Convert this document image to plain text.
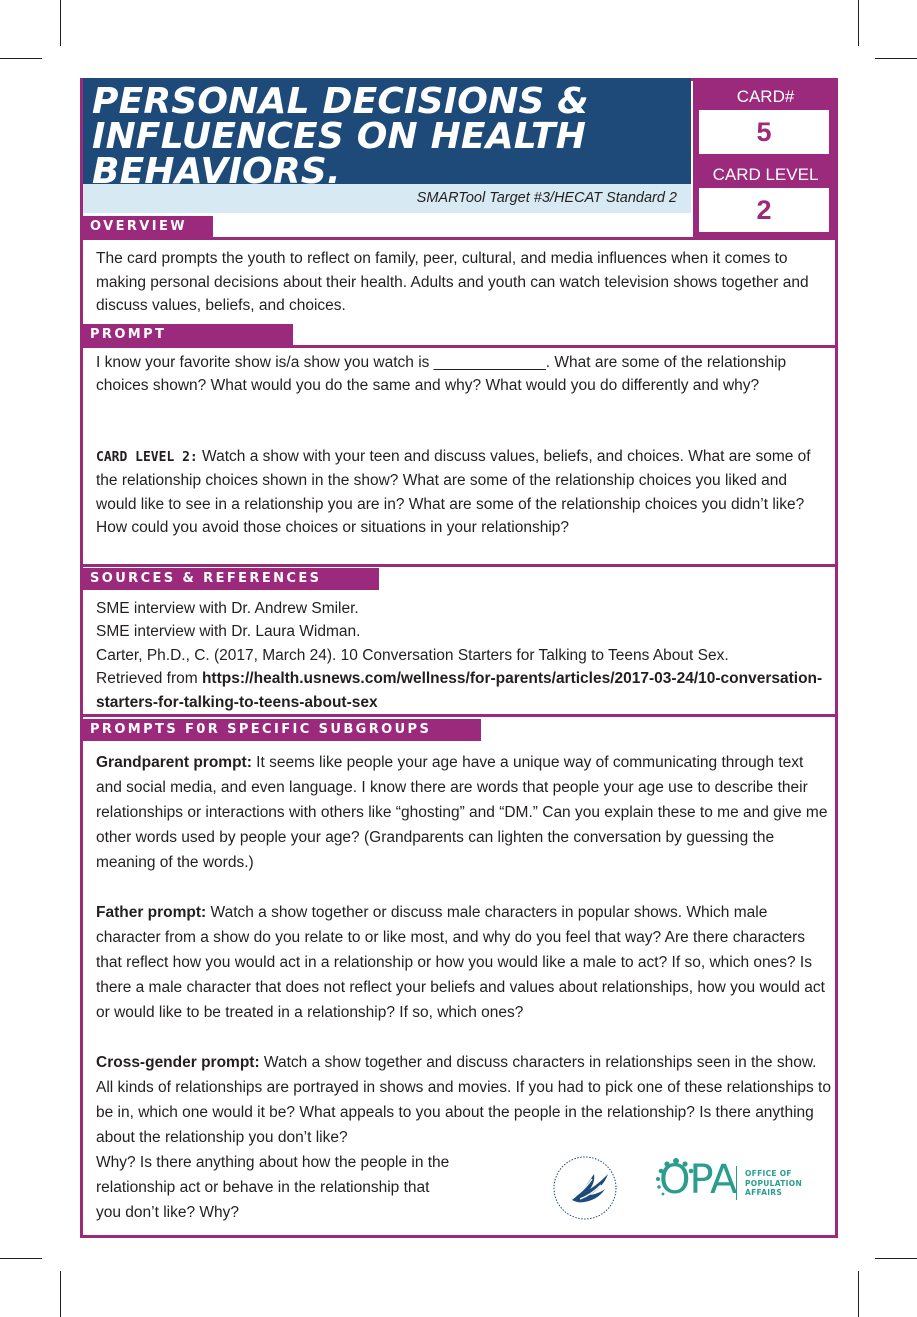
PERSONAL DECISIONS & INFLUENCES ON HEALTH BEHAVIORS.
SMARTool Target #3/HECAT Standard 2
CARD#
5
CARD LEVEL
2
OVERVIEW

The card prompts the youth to reflect on family, peer, cultural, and media influences when it comes to making personal decisions about their health. Adults and youth can watch television shows together and discuss values, beliefs, and choices.

PROMPT

I know your favorite show is/a show you watch is _____________. What are some of the relationship choices shown? What would you do the same and why? What would you do differently and why?

CARD LEVEL 2: Watch a show with your teen and discuss values, beliefs, and choices. What are some of the relationship choices shown in the show? What are some of the relationship choices you liked and would like to see in a relationship you are in? What are some of the relationship choices you didn’t like? How could you avoid those choices or situations in your relationship?

SOURCES & REFERENCES
SME interview with Dr. Andrew Smiler.
SME interview with Dr. Laura Widman.
Carter, Ph.D., C. (2017, March 24). 10 Conversation Starters for Talking to Teens About Sex.
Retrieved from https://health.usnews.com/wellness/for-parents/articles/2017-03-24/10-conversation-starters-for-talking-to-teens-about-sex
PROMPTS F0R SPECIFIC SUBGROUPS

Grandparent prompt: It seems like people your age have a unique way of communicating through text and social media, and even language. I know there are words that people your age use to describe their relationships or interactions with others like “ghosting” and “DM.” Can you explain these to me and give me other words used by people your age? (Grandparents can lighten the conversation by guessing the meaning of the words.)

Father prompt: Watch a show together or discuss male characters in popular shows. Which male character from a show do you relate to or like most, and why do you feel that way? Are there characters that reflect how you would act in a relationship or how you would like a male to act? If so, which ones? Is there a male character that does not reflect your beliefs and values about relationships, how you would act or would like to be treated in a relationship? If so, which ones?

Cross-gender prompt: Watch a show together and discuss characters in relationships seen in the show. All kinds of relationships are portrayed in shows and movies. If you had to pick one of these relationships to be in, which one would it be? What appeals to you about the people in the relationship? Is there anything about the relationship you don’t like?

Why? Is there anything about how the people in the
relationship act or behave in the relationship that
you don’t like? Why?
OPA OFFICE OF
POPULATION
AFFAIRS
